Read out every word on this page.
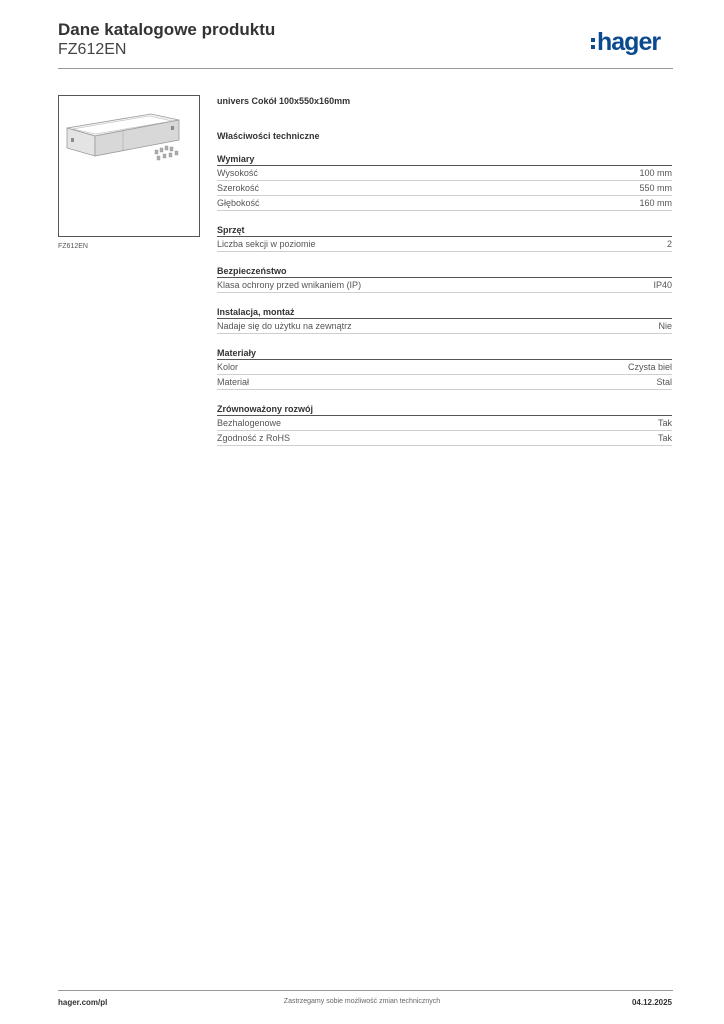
Dane katalogowe produktu
FZ612EN	hager
FZ612EN
univers Cokół 100x550x160mm
Właściwości techniczne
Wymiary
Wysokość	100 mm
Szerokość	550 mm
Głębokość	160 mm
Sprzęt
Liczba sekcji w poziomie	2
Bezpieczeństwo
Klasa ochrony przed wnikaniem (IP)	IP40
Instalacja, montaż
Nadaje się do użytku na zewnątrz	Nie
Materiały
Kolor	Czysta biel
Materiał	Stal
Zrównoważony rozwój
Bezhalogenowe	Tak
Zgodność z RoHS	Tak
hager.com/pl	Zastrzegamy sobie możliwość zmian technicznych	04.12.2025
